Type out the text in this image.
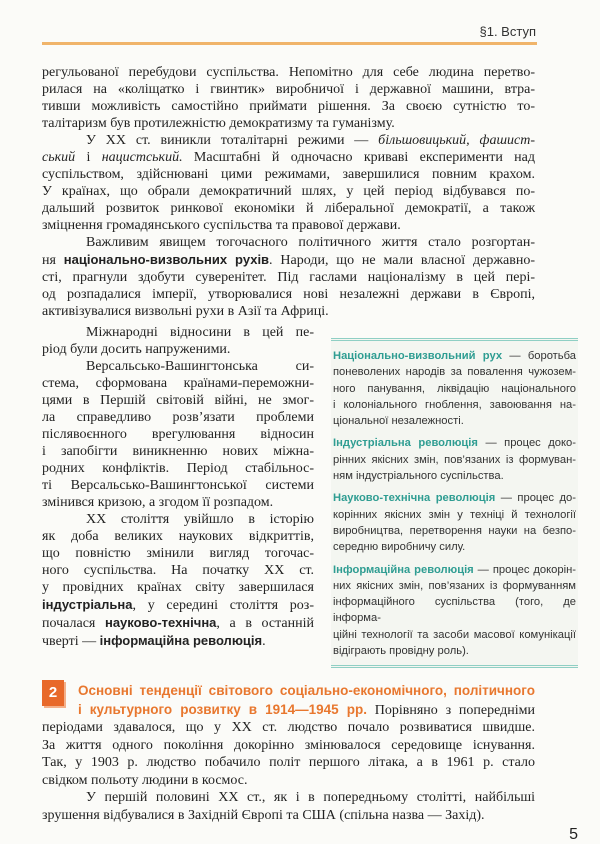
§1. Вступ
регульованої перебудови суспільства. Непомітно для себе людина перетво-
рилася на «коліщатко і гвинтик» виробничої і державної машини, втра-
тивши можливість самостійно приймати рішення. За своєю сутністю то-
талітаризм був протилежністю демократизму та гуманізму.
У XX ст. виникли тоталітарні режими — більшовицький, фашист-
ський і нацистський. Масштабні й одночасно криваві експерименти над
суспільством, здійснювані цими режимами, завершилися повним крахом.
У країнах, що обрали демократичний шлях, у цей період відбувався по-
дальший розвиток ринкової економіки й ліберальної демократії, а також
зміцнення громадянського суспільства та правової держави.
Важливим явищем тогочасного політичного життя стало розгортан-
ня національно-визвольних рухів. Народи, що не мали власної державно-
сті, прагнули здобути суверенітет. Під гаслами націоналізму в цей пері-
од розпадалися імперії, утворювалися нові незалежні держави в Європі,
активізувалися визвольні рухи в Азії та Африці.
Міжнародні відносини в цей пе-
ріод були досить напруженими.
Версальсько-Вашингтонська си-
стема, сформована країнами-переможни-
цями в Першій світовій війні, не змог-
ла справедливо розв’язати проблеми
післявоєнного врегулювання відносин
і запобігти виникненню нових міжна-
родних конфліктів. Період стабільнос-
ті Версальсько-Вашингтонської системи
змінився кризою, а згодом її розпадом.
XX століття увійшло в історію
як доба великих наукових відкриттів,
що повністю змінили вигляд тогочас-
ного суспільства. На початку XX ст.
у провідних країнах світу завершилася
індустріальна, у середині століття роз-
почалася науково-технічна, а в останній
чверті — інформаційна революція.
Національно-визвольний рух — боротьба
поневолених народів за повалення чужозем-
ного панування, ліквідацію національного
і колоніального гноблення, завоювання на-
ціональної незалежності.
Індустріальна революція — процес доко-
рінних якісних змін, пов’язаних із формуван-
ням індустріального суспільства.
Науково-технічна революція — процес до-
корінних якісних змін у техніці й технології
виробництва, перетворення науки на безпо-
середню виробничу силу.
Інформаційна революція — процес докорін-
них якісних змін, пов’язаних із формуванням
інформаційного суспільства (того, де інформа-
ційні технології та засоби масової комунікації
відіграють провідну роль).
2	Основні тенденції світового соціально-економічного, політичного
і культурного розвитку в 1914—1945 рр. Порівняно з попередніми
періодами здавалося, що у XX ст. людство почало розвиватися швидше.
За життя одного покоління докорінно змінювалося середовище існування.
Так, у 1903 р. людство побачило політ першого літака, а в 1961 р. стало
свідком польоту людини в космос.
У першій половині XX ст., як і в попередньому столітті, найбільші
зрушення відбувалися в Західній Європі та США (спільна назва — Захід).
5
